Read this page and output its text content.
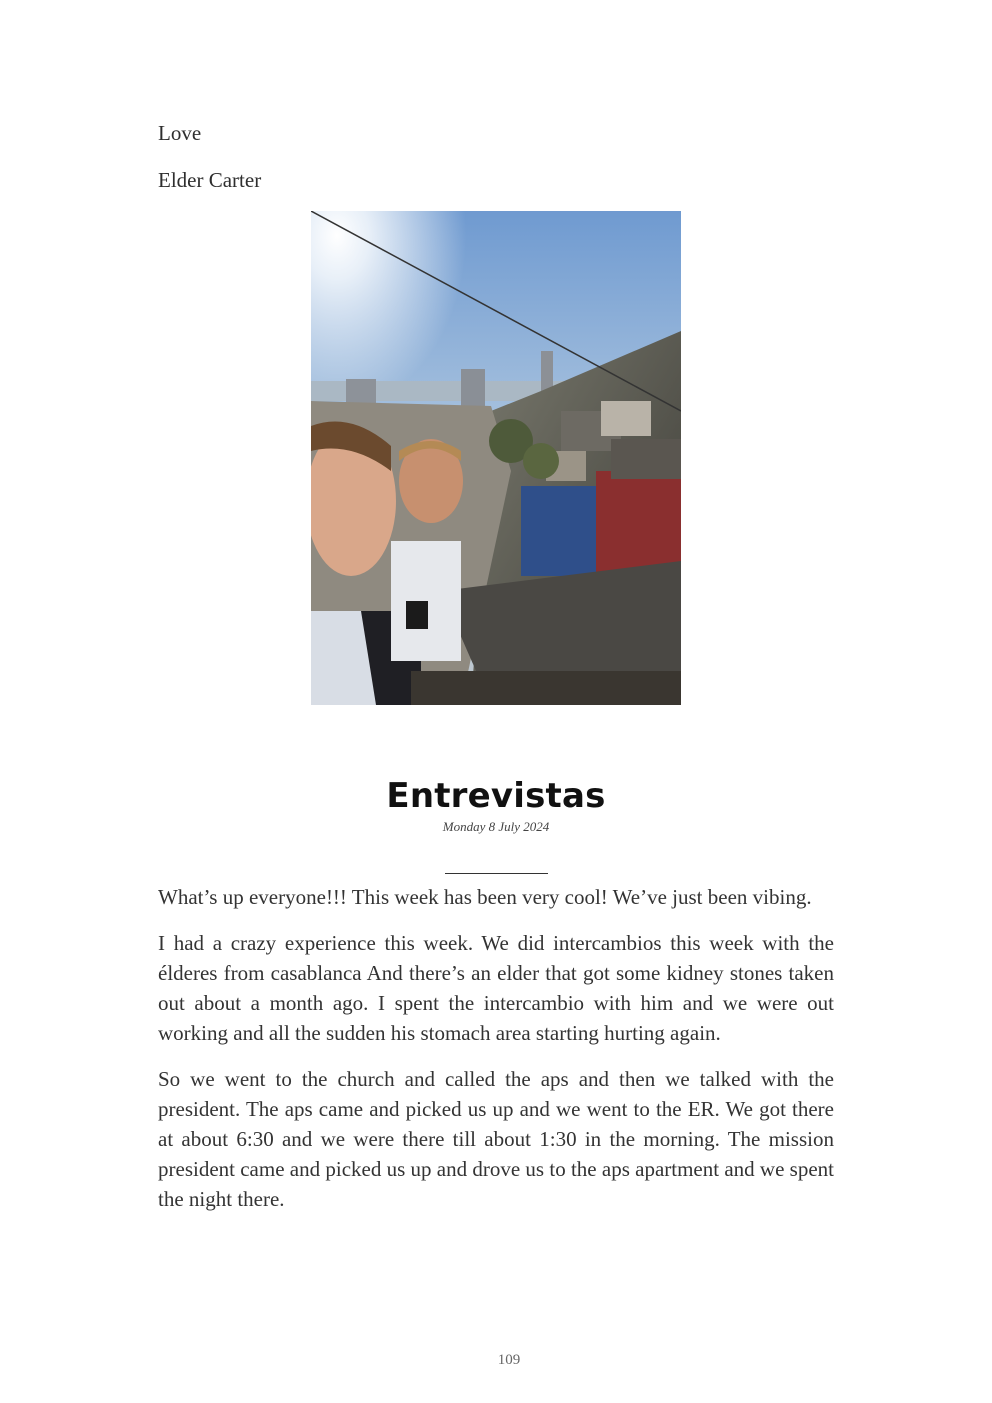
Love
Elder Carter
Entrevistas
Monday 8 July 2024

What’s up everyone!!! This week has been very cool! We’ve just been vibing.

I had a crazy experience this week. We did intercambios this week with the élderes from casablanca And there’s an elder that got some kidney stones taken out about a month ago. I spent the intercambio with him and we were out working and all the sudden his stomach area starting hurting again.

So we went to the church and called the aps and then we talked with the president. The aps came and picked us up and we went to the ER. We got there at about 6:30 and we were there till about 1:30 in the morning. The mission president came and picked us up and drove us to the aps apartment and we spent the night there.

109
